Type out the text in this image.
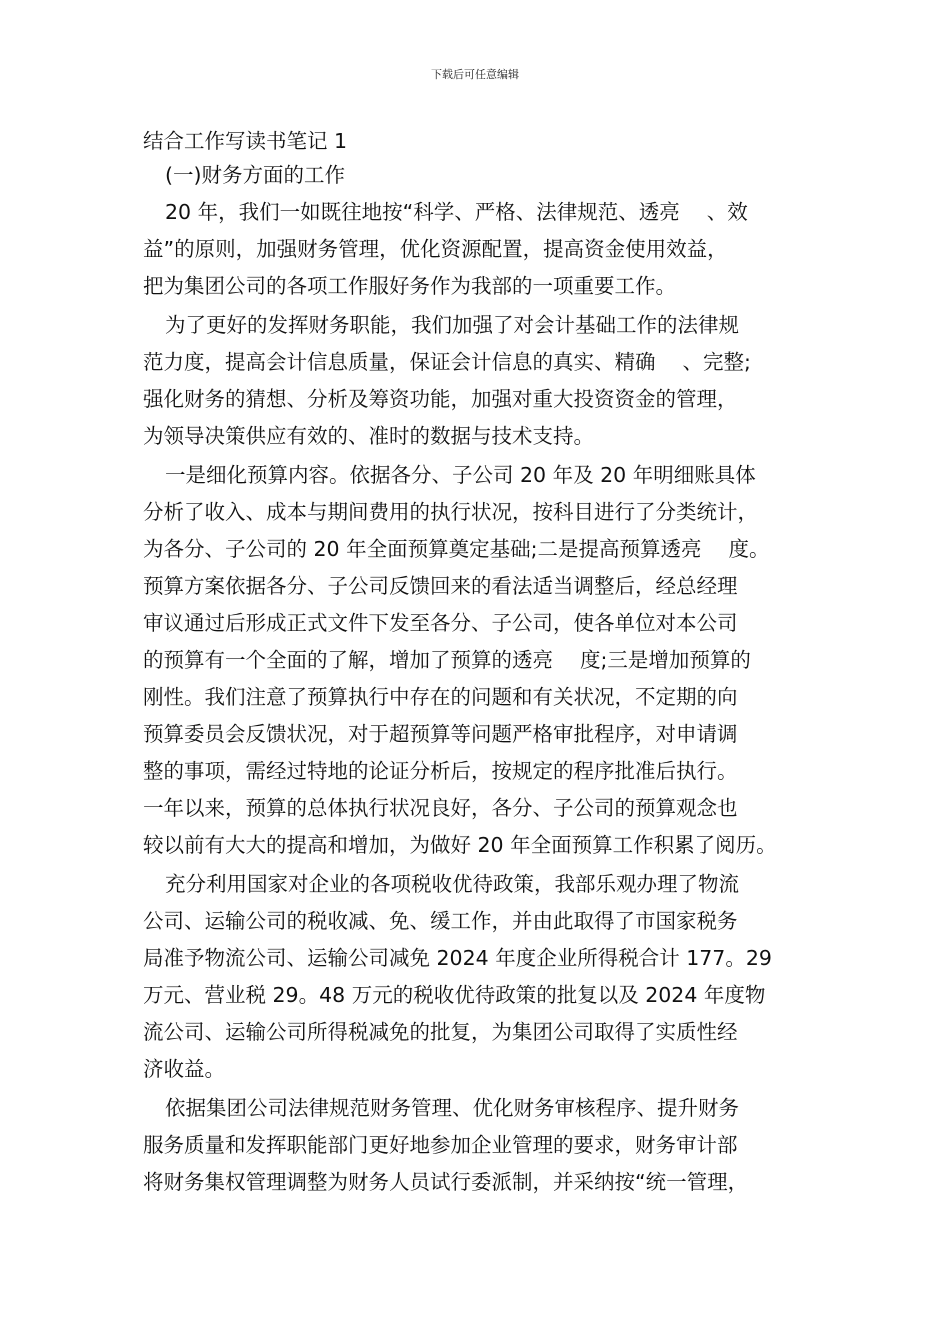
下载后可任意编辑
结合工作写读书笔记 1
(一)财务方面的工作
20 年，我们一如既往地按“科学、严格、法律规范、透亮　 、效
益”的原则，加强财务管理，优化资源配置，提高资金使用效益，
把为集团公司的各项工作服好务作为我部的一项重要工作。
为了更好的发挥财务职能，我们加强了对会计基础工作的法律规
范力度，提高会计信息质量，保证会计信息的真实、精确　 、完整;
强化财务的猜想、分析及筹资功能，加强对重大投资资金的管理，
为领导决策供应有效的、准时的数据与技术支持。
一是细化预算内容。依据各分、子公司 20 年及 20 年明细账具体
分析了收入、成本与期间费用的执行状况，按科目进行了分类统计，
为各分、子公司的 20 年全面预算奠定基础;二是提高预算透亮　 度。
预算方案依据各分、子公司反馈回来的看法适当调整后，经总经理
审议通过后形成正式文件下发至各分、子公司，使各单位对本公司
的预算有一个全面的了解，增加了预算的透亮　 度;三是增加预算的
刚性。我们注意了预算执行中存在的问题和有关状况，不定期的向
预算委员会反馈状况，对于超预算等问题严格审批程序，对申请调
整的事项，需经过特地的论证分析后，按规定的程序批准后执行。
一年以来，预算的总体执行状况良好，各分、子公司的预算观念也
较以前有大大的提高和增加，为做好 20 年全面预算工作积累了阅历。
充分利用国家对企业的各项税收优待政策，我部乐观办理了物流
公司、运输公司的税收减、免、缓工作，并由此取得了市国家税务
局准予物流公司、运输公司减免 2024 年度企业所得税合计 177。29
万元、营业税 29。48 万元的税收优待政策的批复以及 2024 年度物
流公司、运输公司所得税减免的批复，为集团公司取得了实质性经
济收益。
依据集团公司法律规范财务管理、优化财务审核程序、提升财务
服务质量和发挥职能部门更好地参加企业管理的要求，财务审计部
将财务集权管理调整为财务人员试行委派制，并采纳按“统一管理，
